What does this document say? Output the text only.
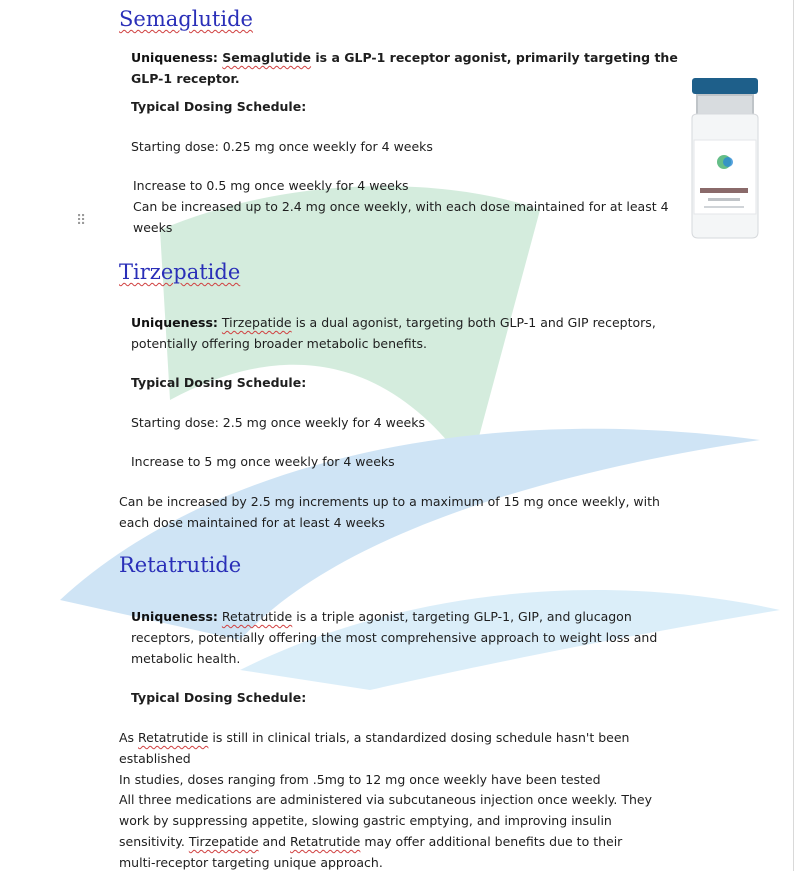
⠿
Semaglutide

Uniqueness: Semaglutide is a GLP-1 receptor agonist, primarily targeting the

GLP-1 receptor.

Typical Dosing Schedule:

Starting dose: 0.25 mg once weekly for 4 weeks

Increase to 0.5 mg once weekly for 4 weeks

Can be increased up to 2.4 mg once weekly, with each dose maintained for at least 4

weeks

Tirzepatide

Uniqueness: Tirzepatide is a dual agonist, targeting both GLP-1 and GIP receptors,

potentially offering broader metabolic benefits.

Typical Dosing Schedule:

Starting dose: 2.5 mg once weekly for 4 weeks

Increase to 5 mg once weekly for 4 weeks

Can be increased by 2.5 mg increments up to a maximum of 15 mg once weekly, with

each dose maintained for at least 4 weeks

Retatrutide

Uniqueness: Retatrutide is a triple agonist, targeting GLP-1, GIP, and glucagon

receptors, potentially offering the most comprehensive approach to weight loss and

metabolic health.

Typical Dosing Schedule:

As Retatrutide is still in clinical trials, a standardized dosing schedule hasn't been

established

In studies, doses ranging from .5mg to 12 mg once weekly have been tested

All three medications are administered via subcutaneous injection once weekly. They

work by suppressing appetite, slowing gastric emptying, and improving insulin

sensitivity. Tirzepatide and Retatrutide may offer additional benefits due to their

multi-receptor targeting unique approach.
